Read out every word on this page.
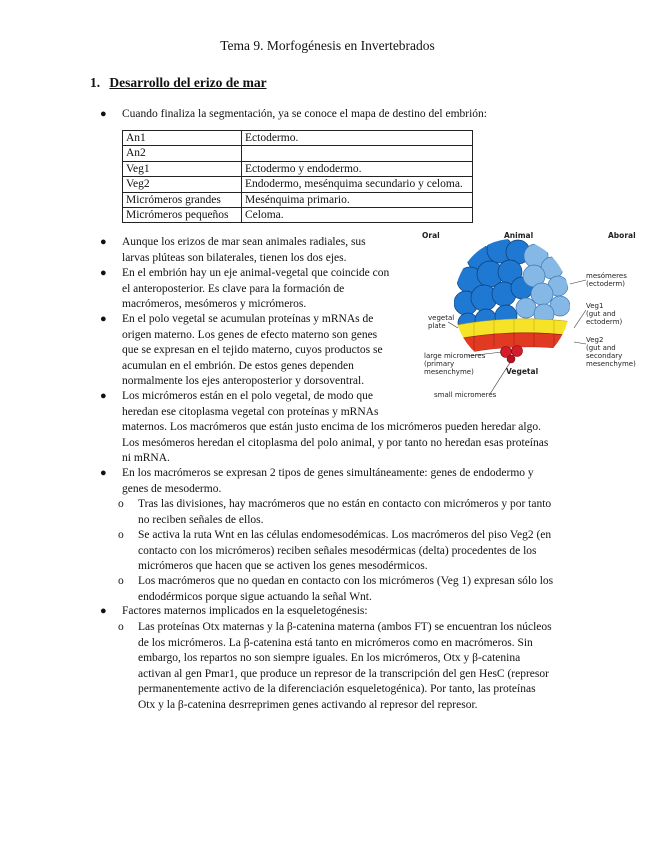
Tema 9. Morfogénesis en Invertebrados
1. Desarrollo del erizo de mar
● Cuando finaliza la segmentación, ya se conoce el mapa de destino del embrión:
An1	Ectodermo.
An2	
Veg1	Ectodermo y endodermo.
Veg2	Endodermo, mesénquima secundario y celoma.
Micrómeros grandes	Mesénquima primario.
Micrómeros pequeños	Celoma.
● Aunque los erizos de mar sean animales radiales, sus
larvas plúteas son bilaterales, tienen los dos ejes.
● En el embrión hay un eje animal-vegetal que coincide con
el anteroposterior. Es clave para la formación de
macrómeros, mesómeros y micrómeros.
● En el polo vegetal se acumulan proteínas y mRNAs de
origen materno. Los genes de efecto materno son genes
que se expresan en el tejido materno, cuyos productos se
acumulan en el embrión. De estos genes dependen
normalmente los ejes anteroposterior y dorsoventral.
● Los micrómeros están en el polo vegetal, de modo que
heredan ese citoplasma vegetal con proteínas y mRNAs
maternos. Los macrómeros que están justo encima de los micrómeros pueden heredar algo.
Los mesómeros heredan el citoplasma del polo animal, y por tanto no heredan esas proteínas
ni mRNA.
● En los macrómeros se expresan 2 tipos de genes simultáneamente: genes de endodermo y
genes de mesodermo.
o Tras las divisiones, hay macrómeros que no están en contacto con micrómeros y por tanto
no reciben señales de ellos.
o Se activa la ruta Wnt en las células endomesodémicas. Los macrómeros del piso Veg2 (en
contacto con los micrómeros) reciben señales mesodérmicas (delta) procedentes de los
micrómeros que hacen que se activen los genes mesodérmicos.
o Los macrómeros que no quedan en contacto con los micrómeros (Veg 1) expresan sólo los
endodérmicos porque sigue actuando la señal Wnt.
● Factores maternos implicados en la esqueletogénesis:
o Las proteínas Otx maternas y la β-catenina materna (ambos FT) se encuentran los núcleos
de los micrómeros. La β-catenina está tanto en micrómeros como en macrómeros. Sin
embargo, los repartos no son siempre iguales. En los micrómeros, Otx y β-catenina
activan al gen Pmar1, que produce un represor de la transcripción del gen HesC (represor
permanentemente activo de la diferenciación esqueletogénica). Por tanto, las proteínas
Otx y la β-catenina desrreprimen genes activando al represor del represor.
Oral	Animal	Aboral
mesómeres
(ectoderm)
Veg1
(gut and
ectoderm)
Veg2
(gut and
secondary
mesenchyme)
vegetal
plate
large micromeres
(primary
mesenchyme)	Vegetal
small micromeres
